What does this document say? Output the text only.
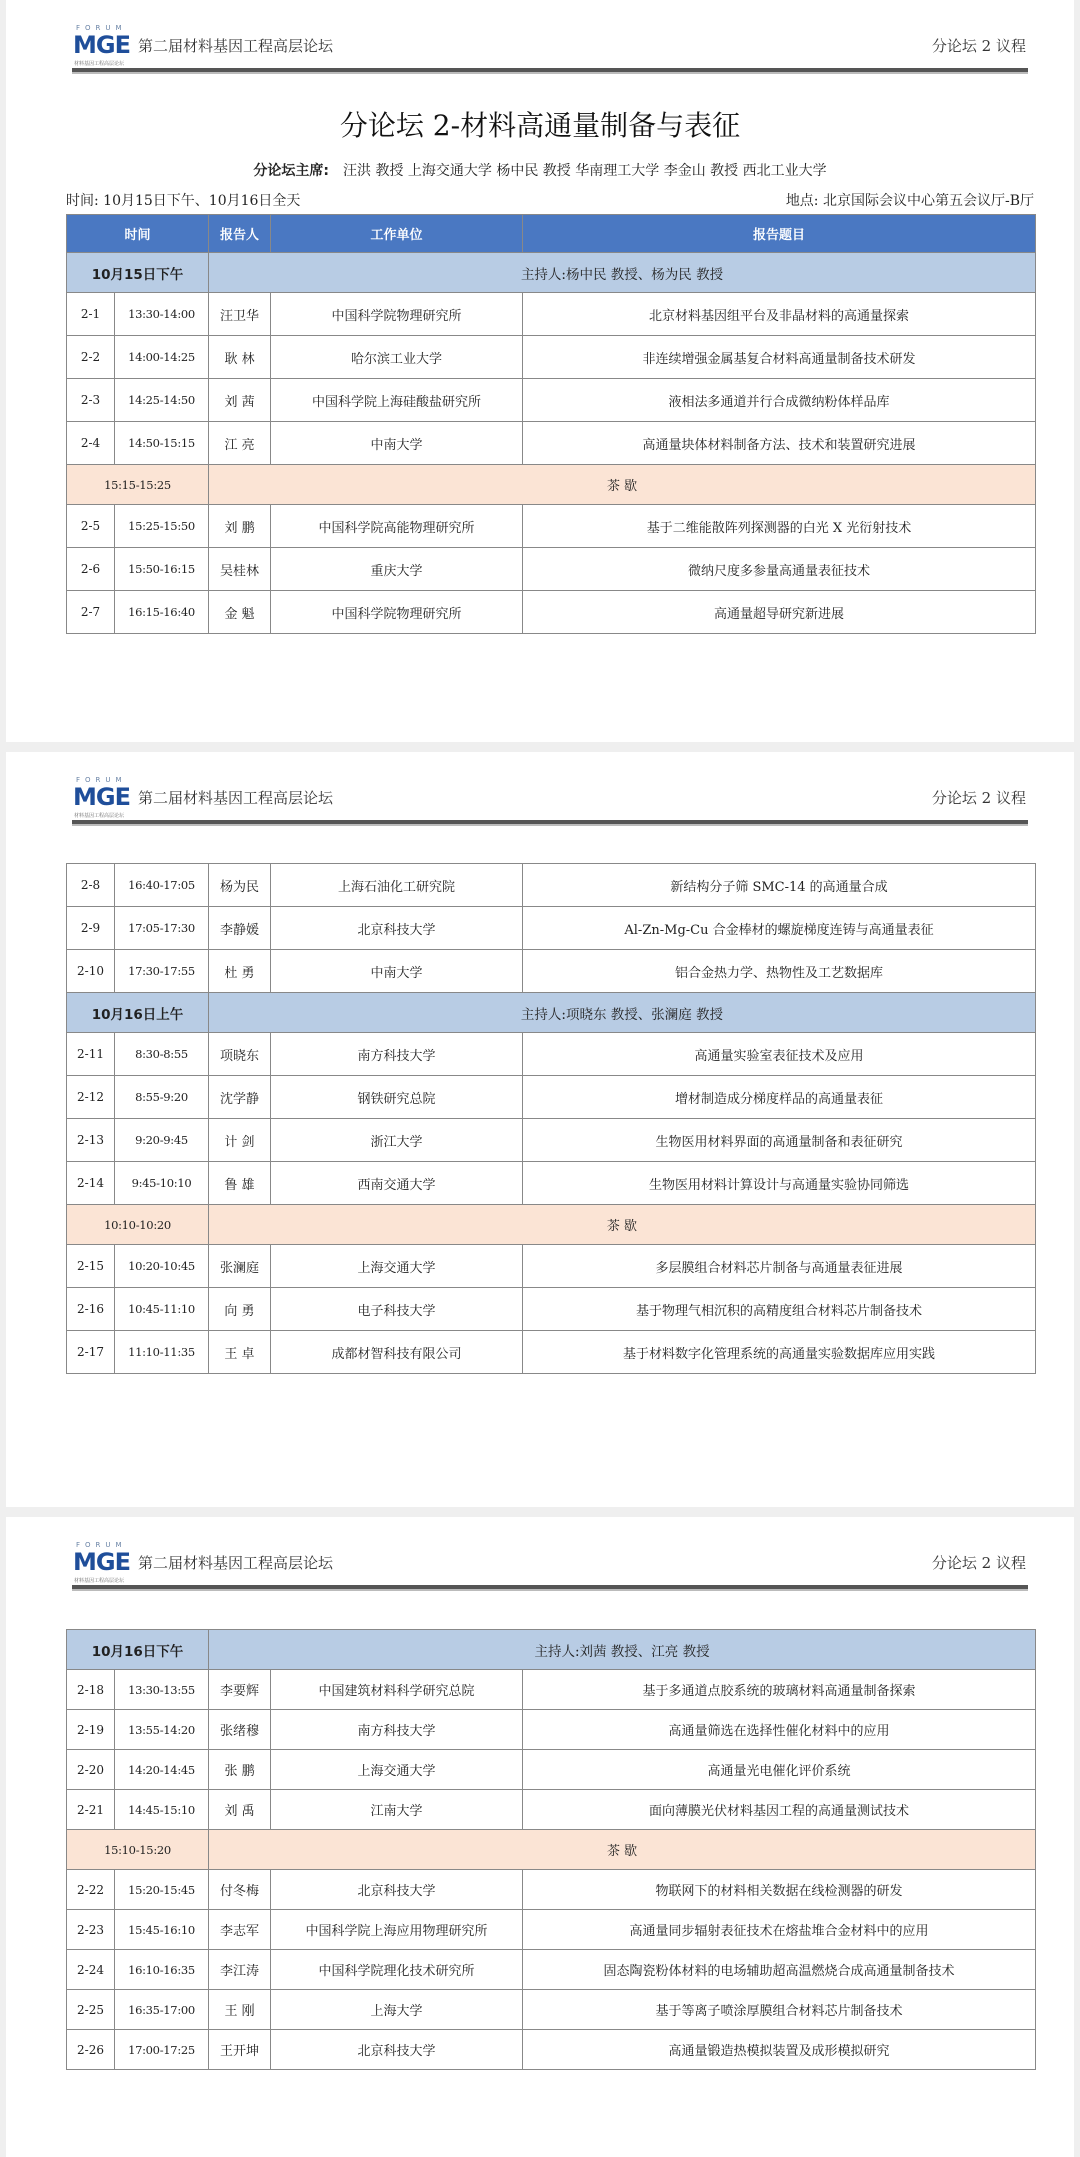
FORUM
MGE
材料基因工程高层论坛
第二届材料基因工程高层论坛	分论坛 2 议程
分论坛 2-材料高通量制备与表征
分论坛主席: 汪洪 教授 上海交通大学 杨中民 教授 华南理工大学 李金山 教授 西北工业大学
时间: 10月15日下午、10月16日全天	地点: 北京国际会议中心第五会议厅-B厅
时间		报告人	工作单位	报告题目
10月15日下午		主持人:杨中民 教授、杨为民 教授		
2-1	13:30-14:00	汪卫华	中国科学院物理研究所	北京材料基因组平台及非晶材料的高通量探索
2-2	14:00-14:25	耿 林	哈尔滨工业大学	非连续增强金属基复合材料高通量制备技术研发
2-3	14:25-14:50	刘 茜	中国科学院上海硅酸盐研究所	液相法多通道并行合成微纳粉体样品库
2-4	14:50-15:15	江 亮	中南大学	高通量块体材料制备方法、技术和装置研究进展
15:15-15:25		茶 歇		
2-5	15:25-15:50	刘 鹏	中国科学院高能物理研究所	基于二维能散阵列探测器的白光 X 光衍射技术
2-6	15:50-16:15	吴桂林	重庆大学	微纳尺度多参量高通量表征技术
2-7	16:15-16:40	金 魁	中国科学院物理研究所	高通量超导研究新进展
FORUM
MGE
材料基因工程高层论坛
第二届材料基因工程高层论坛	分论坛 2 议程
2-8	16:40-17:05	杨为民	上海石油化工研究院	新结构分子筛 SMC-14 的高通量合成
2-9	17:05-17:30	李静媛	北京科技大学	Al-Zn-Mg-Cu 合金棒材的螺旋梯度连铸与高通量表征
2-10	17:30-17:55	杜 勇	中南大学	铝合金热力学、热物性及工艺数据库
10月16日上午		主持人:项晓东 教授、张澜庭 教授		
2-11	8:30-8:55	项晓东	南方科技大学	高通量实验室表征技术及应用
2-12	8:55-9:20	沈学静	钢铁研究总院	增材制造成分梯度样品的高通量表征
2-13	9:20-9:45	计 剑	浙江大学	生物医用材料界面的高通量制备和表征研究
2-14	9:45-10:10	鲁 雄	西南交通大学	生物医用材料计算设计与高通量实验协同筛选
10:10-10:20		茶 歇		
2-15	10:20-10:45	张澜庭	上海交通大学	多层膜组合材料芯片制备与高通量表征进展
2-16	10:45-11:10	向 勇	电子科技大学	基于物理气相沉积的高精度组合材料芯片制备技术
2-17	11:10-11:35	王 卓	成都材智科技有限公司	基于材料数字化管理系统的高通量实验数据库应用实践
FORUM
MGE
材料基因工程高层论坛
第二届材料基因工程高层论坛	分论坛 2 议程
10月16日下午		主持人:刘茜 教授、江亮 教授		
2-18	13:30-13:55	李要辉	中国建筑材料科学研究总院	基于多通道点胶系统的玻璃材料高通量制备探索
2-19	13:55-14:20	张绪穆	南方科技大学	高通量筛选在选择性催化材料中的应用
2-20	14:20-14:45	张 鹏	上海交通大学	高通量光电催化评价系统
2-21	14:45-15:10	刘 禹	江南大学	面向薄膜光伏材料基因工程的高通量测试技术
15:10-15:20		茶 歇		
2-22	15:20-15:45	付冬梅	北京科技大学	物联网下的材料相关数据在线检测器的研发
2-23	15:45-16:10	李志军	中国科学院上海应用物理研究所	高通量同步辐射表征技术在熔盐堆合金材料中的应用
2-24	16:10-16:35	李江涛	中国科学院理化技术研究所	固态陶瓷粉体材料的电场辅助超高温燃烧合成高通量制备技术
2-25	16:35-17:00	王 刚	上海大学	基于等离子喷涂厚膜组合材料芯片制备技术
2-26	17:00-17:25	王开坤	北京科技大学	高通量锻造热模拟装置及成形模拟研究
